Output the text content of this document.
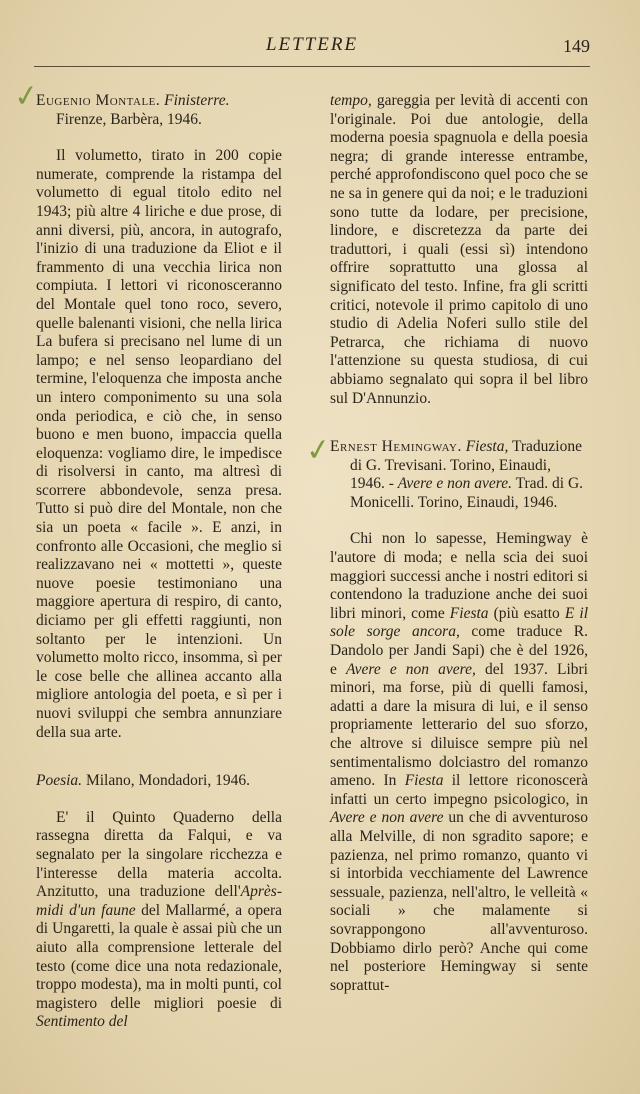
LETTERE	149
✓
✓

Eugenio Montale. Finisterre. Firenze, Barbèra, 1946.

Il volumetto, tirato in 200 copie numerate, comprende la ristampa del volumetto di egual titolo edito nel 1943; più altre 4 liriche e due prose, di anni diversi, più, ancora, in autografo, l'inizio di una traduzione da Eliot e il frammento di una vecchia lirica non compiuta. I lettori vi riconosceranno del Montale quel tono roco, severo, quelle balenanti visioni, che nella lirica La bufera si precisano nel lume di un lampo; e nel senso leopardiano del termine, l'eloquenza che imposta anche un intero componimento su una sola onda periodica, e ciò che, in senso buono e men buono, impaccia quella eloquenza: vogliamo dire, le impedisce di risolversi in canto, ma altresì di scorrere abbondevole, senza presa. Tutto si può dire del Montale, non che sia un poeta « facile ». E anzi, in confronto alle Occasioni, che meglio si realizzavano nei « mottetti », queste nuove poesie testimoniano una maggiore apertura di respiro, di canto, diciamo per gli effetti raggiunti, non soltanto per le intenzioni. Un volumetto molto ricco, insomma, sì per le cose belle che allinea accanto alla migliore antologia del poeta, e sì per i nuovi sviluppi che sembra annunziare della sua arte.

Poesia. Milano, Mondadori, 1946.

E' il Quinto Quaderno della rassegna diretta da Falqui, e va segnalato per la singolare ricchezza e l'interesse della materia accolta. Anzitutto, una traduzione dell'Après-midi d'un faune del Mallarmé, a opera di Ungaretti, la quale è assai più che un aiuto alla comprensione letterale del testo (come dice una nota redazionale, troppo modesta), ma in molti punti, col magistero delle migliori poesie di Sentimento del

tempo, gareggia per levità di accenti con l'originale. Poi due antologie, della moderna poesia spagnuola e della poesia negra; di grande interesse entrambe, perché approfondiscono quel poco che se ne sa in genere qui da noi; e le traduzioni sono tutte da lodare, per precisione, lindore, e discretezza da parte dei traduttori, i quali (essi sì) intendono offrire soprattutto una glossa al significato del testo. Infine, fra gli scritti critici, notevole il primo capitolo di uno studio di Adelia Noferi sullo stile del Petrarca, che richiama di nuovo l'attenzione su questa studiosa, di cui abbiamo segnalato qui sopra il bel libro sul D'Annunzio.

Ernest Hemingway. Fiesta, Traduzione di G. Trevisani. Torino, Einaudi, 1946. - Avere e non avere. Trad. di G. Monicelli. Torino, Einaudi, 1946.

Chi non lo sapesse, Hemingway è l'autore di moda; e nella scia dei suoi maggiori successi anche i nostri editori si contendono la traduzione anche dei suoi libri minori, come Fiesta (più esatto E il sole sorge ancora, come traduce R. Dandolo per Jandi Sapi) che è del 1926, e Avere e non avere, del 1937. Libri minori, ma forse, più di quelli famosi, adatti a dare la misura di lui, e il senso propriamente letterario del suo sforzo, che altrove si diluisce sempre più nel sentimentalismo dolciastro del romanzo ameno. In Fiesta il lettore riconoscerà infatti un certo impegno psicologico, in Avere e non avere un che di avventuroso alla Melville, di non sgradito sapore; e pazienza, nel primo romanzo, quanto vi si intorbida vecchiamente del Lawrence sessuale, pazienza, nell'altro, le velleità « sociali » che malamente si sovrappongono all'avventuroso. Dobbiamo dirlo però? Anche qui come nel posteriore Hemingway si sente soprattut-
